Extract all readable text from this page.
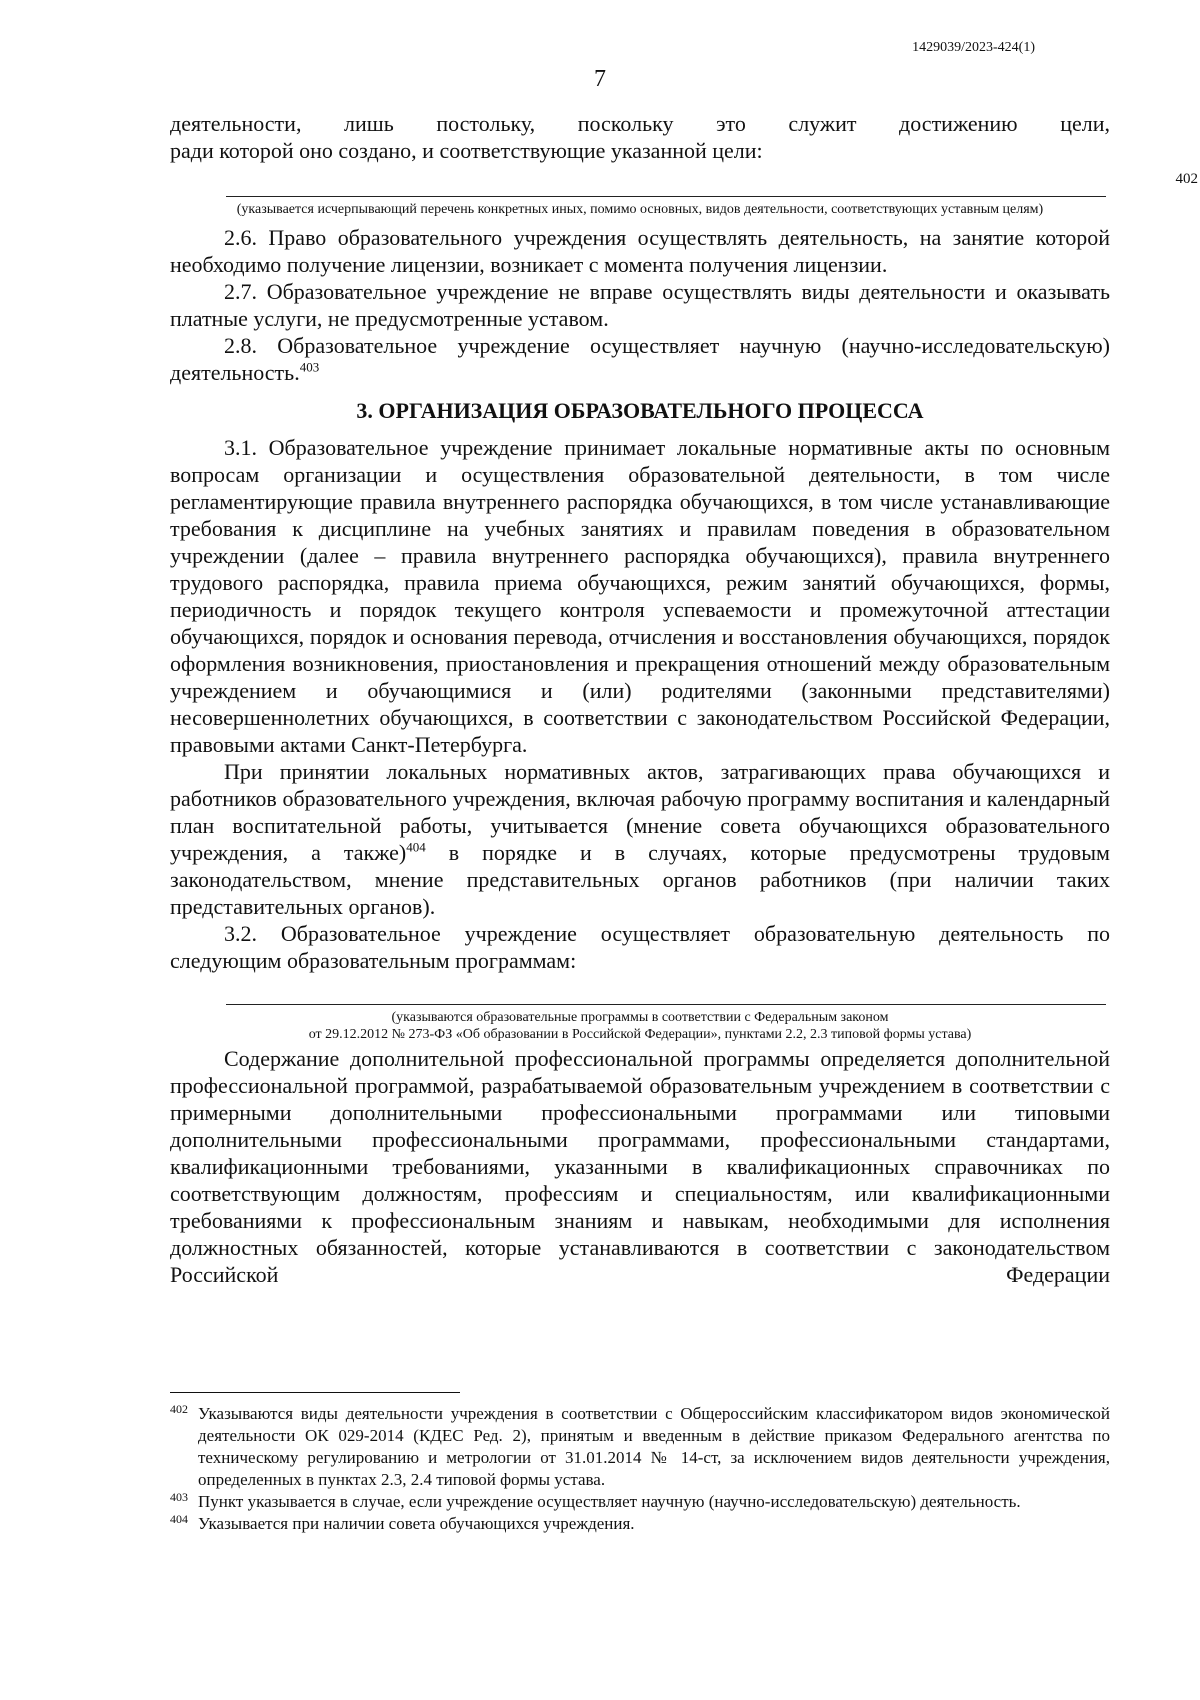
1429039/2023-424(1)
7

деятельности, лишь постольку, поскольку это служит достижению цели,

ради которой оно создано, и соответствующие указанной цели:

402

(указывается исчерпывающий перечень конкретных иных, помимо основных, видов деятельности, соответствующих уставным целям)

2.6. Право образовательного учреждения осуществлять деятельность, на занятие которой необходимо получение лицензии, возникает с момента получения лицензии.

2.7. Образовательное учреждение не вправе осуществлять виды деятельности и оказывать платные услуги, не предусмотренные уставом.

2.8. Образовательное учреждение осуществляет научную (научно-исследовательскую) деятельность.$^{403}$

3. ОРГАНИЗАЦИЯ ОБРАЗОВАТЕЛЬНОГО ПРОЦЕССА

3.1. Образовательное учреждение принимает локальные нормативные акты по основным вопросам организации и осуществления образовательной деятельности, в том числе регламентирующие правила внутреннего распорядка обучающихся, в том числе устанавливающие требования к дисциплине на учебных занятиях и правилам поведения в образовательном учреждении (далее – правила внутреннего распорядка обучающихся), правила внутреннего трудового распорядка, правила приема обучающихся, режим занятий обучающихся, формы, периодичность и порядок текущего контроля успеваемости и промежуточной аттестации обучающихся, порядок и основания перевода, отчисления и восстановления обучающихся, порядок оформления возникновения, приостановления и прекращения отношений между образовательным учреждением и обучающимися и (или) родителями (законными представителями) несовершеннолетних обучающихся, в соответствии с законодательством Российской Федерации, правовыми актами Санкт-Петербурга.

При принятии локальных нормативных актов, затрагивающих права обучающихся и работников образовательного учреждения, включая рабочую программу воспитания и календарный план воспитательной работы, учитывается (мнение совета обучающихся образовательного учреждения, а также)$^{404}$ в порядке и в случаях, которые предусмотрены трудовым законодательством, мнение представительных органов работников (при наличии таких представительных органов).

3.2. Образовательное учреждение осуществляет образовательную деятельность по следующим образовательным программам:

(указываются образовательные программы в соответствии с Федеральным законом
от 29.12.2012 № 273-ФЗ «Об образовании в Российской Федерации», пунктами 2.2, 2.3 типовой формы устава)

Содержание дополнительной профессиональной программы определяется дополнительной профессиональной программой, разрабатываемой образовательным учреждением в соответствии с примерными дополнительными профессиональными программами или типовыми дополнительными профессиональными программами, профессиональными стандартами, квалификационными требованиями, указанными в квалификационных справочниках по соответствующим должностям, профессиям и специальностям, или квалификационными требованиями к профессиональным знаниям и навыкам, необходимыми для исполнения должностных обязанностей, которые устанавливаются в соответствии с законодательством Российской Федерации

402 Указываются виды деятельности учреждения в соответствии с Общероссийским классификатором видов экономической деятельности ОК 029-2014 (КДЕС Ред. 2), принятым и введенным в действие приказом Федерального агентства по техническому регулированию и метрологии от 31.01.2014 № 14-ст, за исключением видов деятельности учреждения, определенных в пунктах 2.3, 2.4 типовой формы устава.

403 Пункт указывается в случае, если учреждение осуществляет научную (научно-исследовательскую) деятельность.

404 Указывается при наличии совета обучающихся учреждения.
